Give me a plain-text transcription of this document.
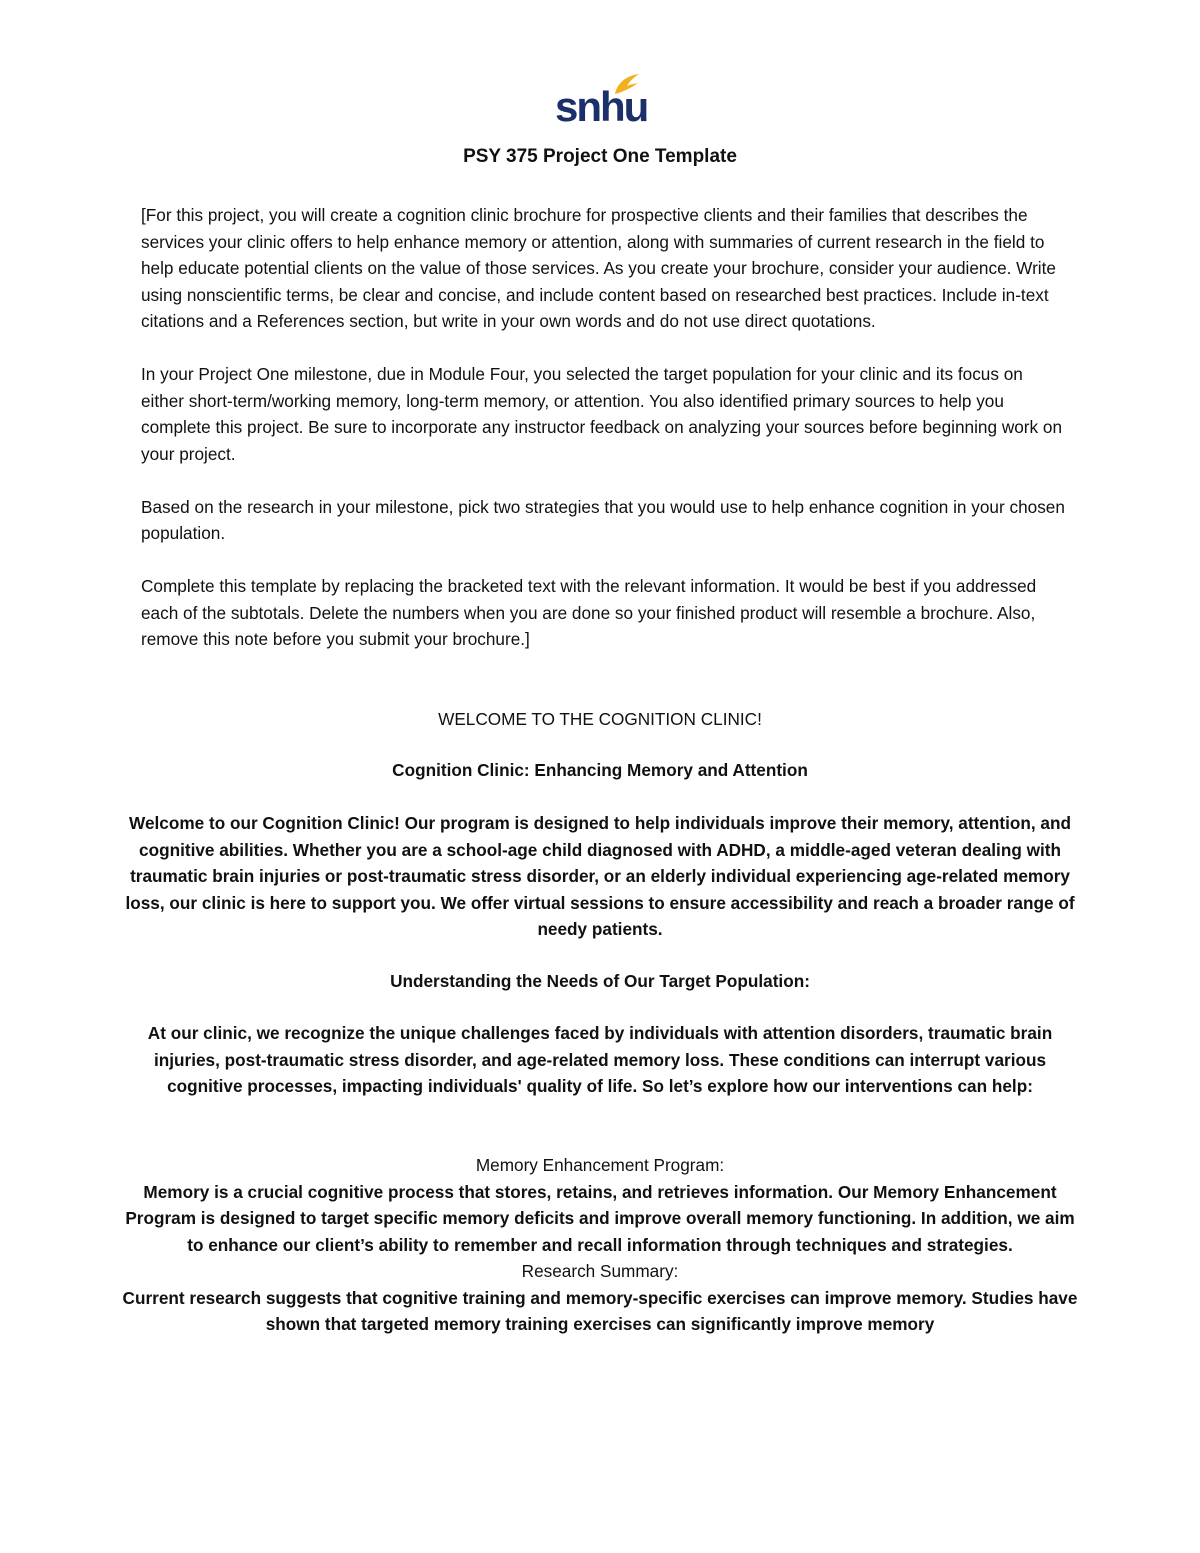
snhu
PSY 375 Project One Template

[For this project, you will create a cognition clinic brochure for prospective clients and their families that describes the services your clinic offers to help enhance memory or attention, along with summaries of current research in the field to help educate potential clients on the value of those services. As you create your brochure, consider your audience. Write using nonscientific terms, be clear and concise, and include content based on researched best practices. Include in-text citations and a References section, but write in your own words and do not use direct quotations.

In your Project One milestone, due in Module Four, you selected the target population for your clinic and its focus on either short-term/working memory, long-term memory, or attention. You also identified primary sources to help you complete this project. Be sure to incorporate any instructor feedback on analyzing your sources before beginning work on your project.

Based on the research in your milestone, pick two strategies that you would use to help enhance cognition in your chosen population.

Complete this template by replacing the bracketed text with the relevant information. It would be best if you addressed each of the subtotals. Delete the numbers when you are done so your finished product will resemble a brochure. Also, remove this note before you submit your brochure.]

WELCOME TO THE COGNITION CLINIC!
Cognition Clinic: Enhancing Memory and Attention
Welcome to our Cognition Clinic! Our program is designed to help individuals improve their memory, attention, and cognitive abilities. Whether you are a school-age child diagnosed with ADHD, a middle-aged veteran dealing with traumatic brain injuries or post-traumatic stress disorder, or an elderly individual experiencing age-related memory loss, our clinic is here to support you. We offer virtual sessions to ensure accessibility and reach a broader range of needy patients.
Understanding the Needs of Our Target Population:
At our clinic, we recognize the unique challenges faced by individuals with attention disorders, traumatic brain injuries, post-traumatic stress disorder, and age-related memory loss. These conditions can interrupt various cognitive processes, impacting individuals' quality of life. So let’s explore how our interventions can help:

Memory Enhancement Program:

Memory is a crucial cognitive process that stores, retains, and retrieves information. Our Memory Enhancement Program is designed to target specific memory deficits and improve overall memory functioning. In addition, we aim to enhance our client’s ability to remember and recall information through techniques and strategies.

Research Summary:

Current research suggests that cognitive training and memory-specific exercises can improve memory. Studies have shown that targeted memory training exercises can significantly improve memory
